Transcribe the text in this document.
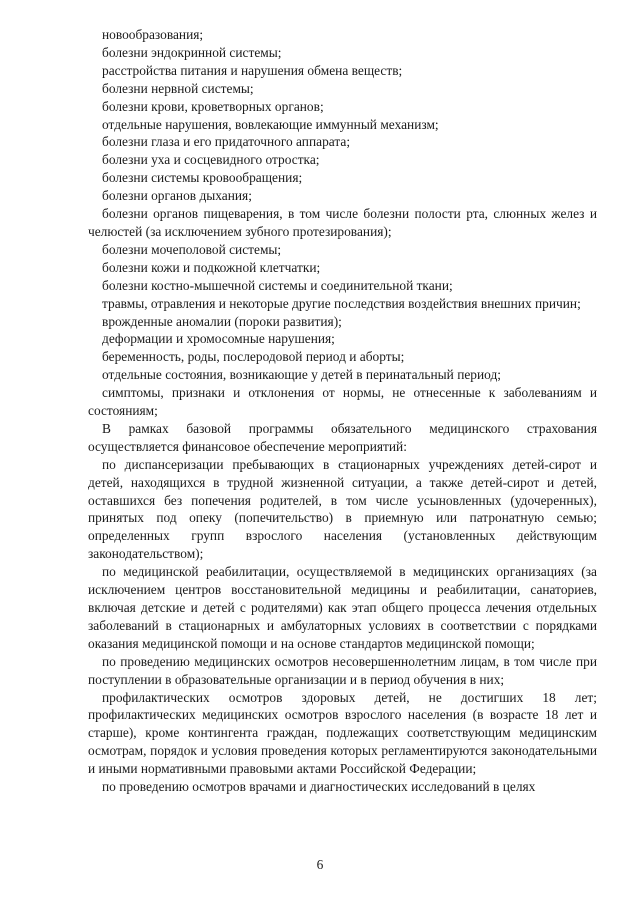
новообразования;

болезни эндокринной системы;

расстройства питания и нарушения обмена веществ;

болезни нервной системы;

болезни крови, кроветворных органов;

отдельные нарушения, вовлекающие иммунный механизм;

болезни глаза и его придаточного аппарата;

болезни уха и сосцевидного отростка;

болезни системы кровообращения;

болезни органов дыхания;

болезни органов пищеварения, в том числе болезни полости рта, слюнных желез и челюстей (за исключением зубного протезирования);

болезни мочеполовой системы;

болезни кожи и подкожной клетчатки;

болезни костно-мышечной системы и соединительной ткани;

травмы, отравления и некоторые другие последствия воздействия внешних причин;

врожденные аномалии (пороки развития);

деформации и хромосомные нарушения;

беременность, роды, послеродовой период и аборты;

отдельные состояния, возникающие у детей в перинатальный период;

симптомы, признаки и отклонения от нормы, не отнесенные к заболеваниям и состояниям;

В рамках базовой программы обязательного медицинского страхования осуществляется финансовое обеспечение мероприятий:

по диспансеризации пребывающих в стационарных учреждениях детей-сирот и детей, находящихся в трудной жизненной ситуации, а также детей-сирот и детей, оставшихся без попечения родителей, в том числе усыновленных (удочеренных), принятых под опеку (попечительство) в приемную или патронатную семью; определенных групп взрослого населения (установленных действующим законодательством);

по медицинской реабилитации, осуществляемой в медицинских организациях (за исключением центров восстановительной медицины и реабилитации, санаториев, включая детские и детей с родителями) как этап общего процесса лечения отдельных заболеваний в стационарных и амбулаторных условиях в соответствии с порядками оказания медицинской помощи и на основе стандартов медицинской помощи;

по проведению медицинских осмотров несовершеннолетним лицам, в том числе при поступлении в образовательные организации и в период обучения в них;

профилактических осмотров здоровых детей, не достигших 18 лет; профилактических медицинских осмотров взрослого населения (в возрасте 18 лет и старше), кроме контингента граждан, подлежащих соответствующим медицинским осмотрам, порядок и условия проведения которых регламентируются законодательными и иными нормативными правовыми актами Российской Федерации;

по проведению осмотров врачами и диагностических исследований в целях

6
